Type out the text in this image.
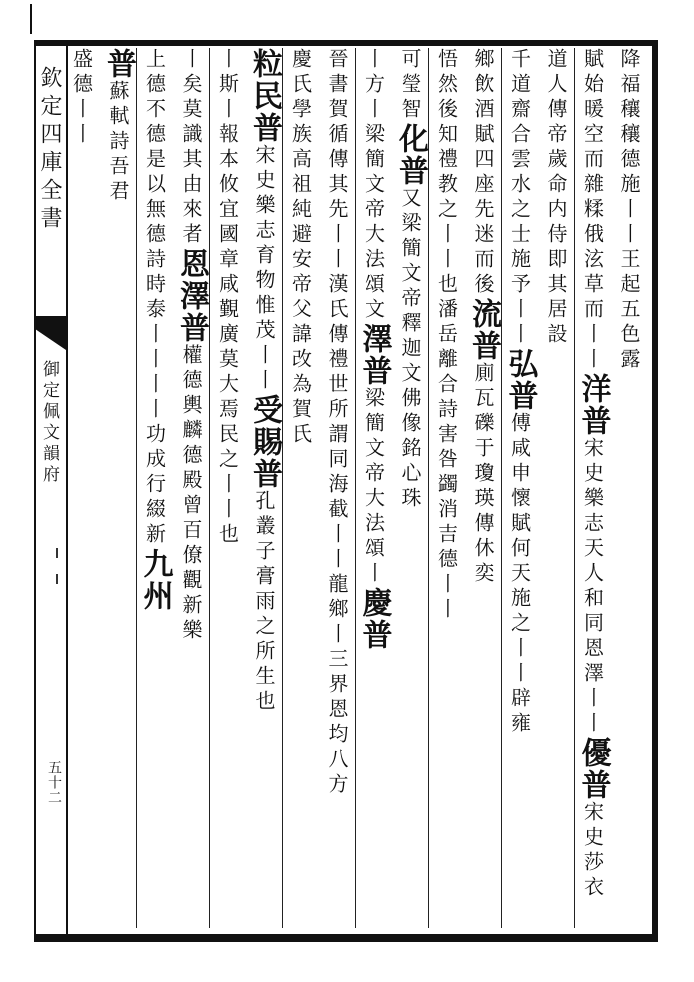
欽定四庫全書
御定佩文韻府
五十二
降福穰穰德施丨丨王起五色露
賦始暖空而雜糅俄泫草而丨丨洋普宋史樂志天人和同恩澤丨丨優普宋史莎衣
道人傳帝歲命内侍即其居設
千道齋合雲水之士施予丨丨弘普傅咸申懷賦何天施之丨丨辟雍
鄉飲酒賦四座先迷而後流普廁瓦礫于瓊瑛傳休奕
悟然後知禮教之丨丨也潘岳離合詩害咎蠲消吉德丨丨
可瑩智化普又梁簡文帝釋迦文佛像銘心珠
丨方丨梁簡文帝大法頌文澤普梁簡文帝大法頌丨慶普
晉書賀循傳其先丨丨漢氏傳禮世所謂同海截丨丨龍鄉丨三界恩均八方
慶氏學族高祖純避安帝父諱改為賀氏
粒民普宋史樂志育物惟茂丨丨受賜普孔叢子膏雨之所生也
丨斯丨報本攸宜國章咸覲廣莫大焉民之丨丨也
丨矣莫識其由來者恩澤普權德輿麟德殿曾百僚觀新樂
上德不德是以無德詩時泰丨丨丨丨功成行綴新九州
普蘇軾詩吾君
盛德丨丨
